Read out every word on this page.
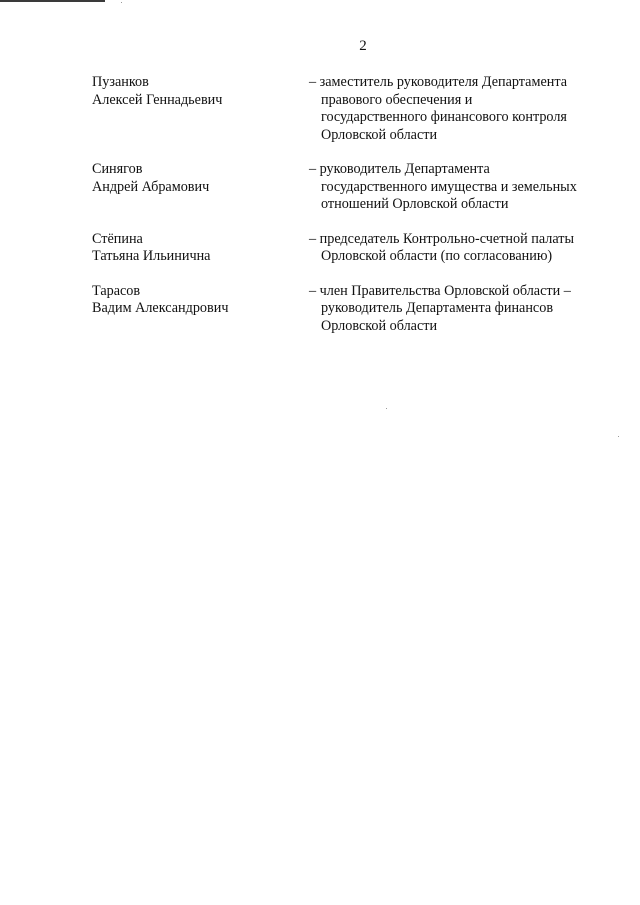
2
Пузанков
Алексей Геннадьевич
– заместитель руководителя Департамента
правового обеспечения и
государственного финансового контроля
Орловской области
Синягов
Андрей Абрамович
– руководитель Департамента
государственного имущества и земельных
отношений Орловской области
Стёпина
Татьяна Ильинична
– председатель Контрольно-счетной палаты
Орловской области (по согласованию)
Тарасов
Вадим Александрович
– член Правительства Орловской области –
руководитель Департамента финансов
Орловской области
